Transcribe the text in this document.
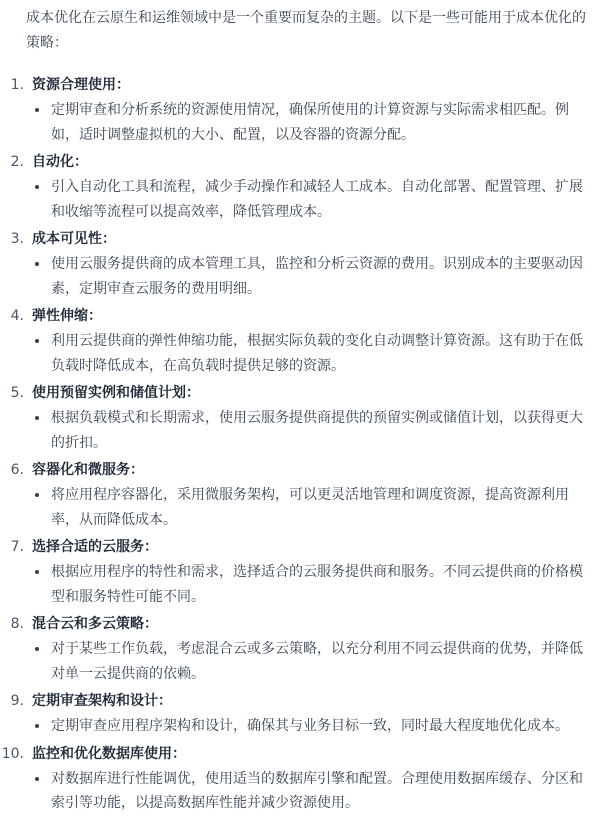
成本优化在云原生和运维领域中是一个重要而复杂的主题。以下是一些可能用于成本优化的策略：

1. 资源合理使用：
定期审查和分析系统的资源使用情况，确保所使用的计算资源与实际需求相匹配。例如，适时调整虚拟机的大小、配置，以及容器的资源分配。
2. 自动化：
引入自动化工具和流程，减少手动操作和减轻人工成本。自动化部署、配置管理、扩展和收缩等流程可以提高效率，降低管理成本。
3. 成本可见性：
使用云服务提供商的成本管理工具，监控和分析云资源的费用。识别成本的主要驱动因素，定期审查云服务的费用明细。
4. 弹性伸缩：
利用云提供商的弹性伸缩功能，根据实际负载的变化自动调整计算资源。这有助于在低负载时降低成本，在高负载时提供足够的资源。
5. 使用预留实例和储值计划：
根据负载模式和长期需求，使用云服务提供商提供的预留实例或储值计划，以获得更大的折扣。
6. 容器化和微服务：
将应用程序容器化，采用微服务架构，可以更灵活地管理和调度资源，提高资源利用率，从而降低成本。
7. 选择合适的云服务：
根据应用程序的特性和需求，选择适合的云服务提供商和服务。不同云提供商的价格模型和服务特性可能不同。
8. 混合云和多云策略：
对于某些工作负载，考虑混合云或多云策略，以充分利用不同云提供商的优势，并降低对单一云提供商的依赖。
9. 定期审查架构和设计：
定期审查应用程序架构和设计，确保其与业务目标一致，同时最大程度地优化成本。
10. 监控和优化数据库使用：
对数据库进行性能调优，使用适当的数据库引擎和配置。合理使用数据库缓存、分区和索引等功能，以提高数据库性能并减少资源使用。
